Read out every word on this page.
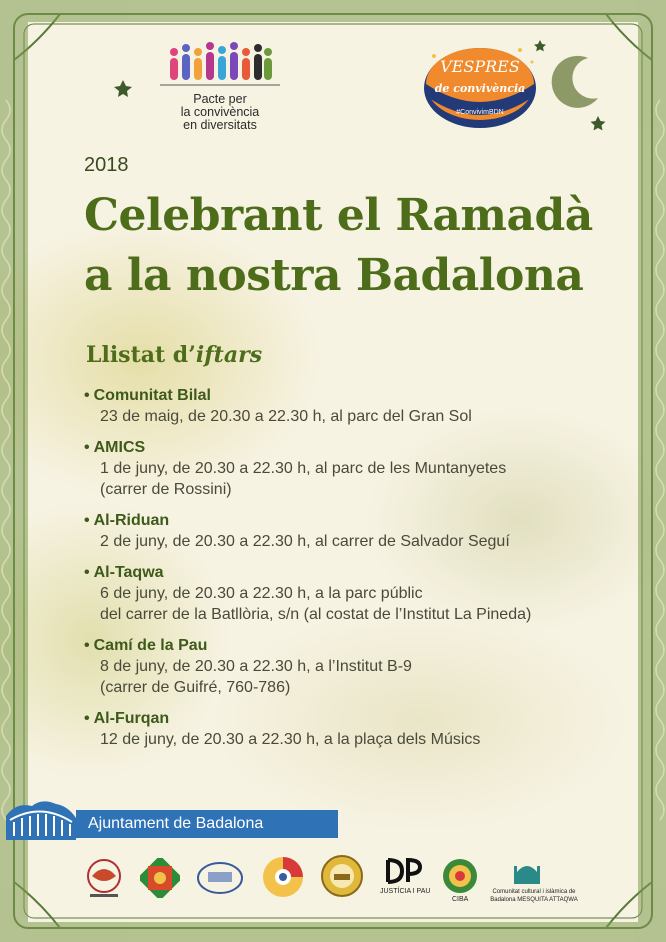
Pacte per
la convivència
en diversitats
VESPRES
de convivència
#ConvivimBDN
2018
Celebrant el Ramadà
a la nostra Badalona
Llistat d’iftars
• Comunitat Bilal
23 de maig, de 20.30 a 22.30 h, al parc del Gran Sol
• AMICS
1 de juny, de 20.30 a 22.30 h, al parc de les Muntanyetes
(carrer de Rossini)
• Al-Riduan
2 de juny, de 20.30 a 22.30 h, al carrer de Salvador Seguí
• Al-Taqwa
6 de juny, de 20.30 a 22.30 h, a la parc públic
del carrer de la Batllòria, s/n (al costat de l’Institut La Pineda)
• Camí de la Pau
8 de juny, de 20.30 a 22.30 h, a l’Institut B-9
(carrer de Guifré, 760-786)
• Al-Furqan
12 de juny, de 20.30 a 22.30 h, a la plaça dels Músics
Ajuntament de Badalona
JUSTÍCIA I PAU
CIBA
Comunitat cultural i islàmica de Badalona MESQUITA ATTAQWA
